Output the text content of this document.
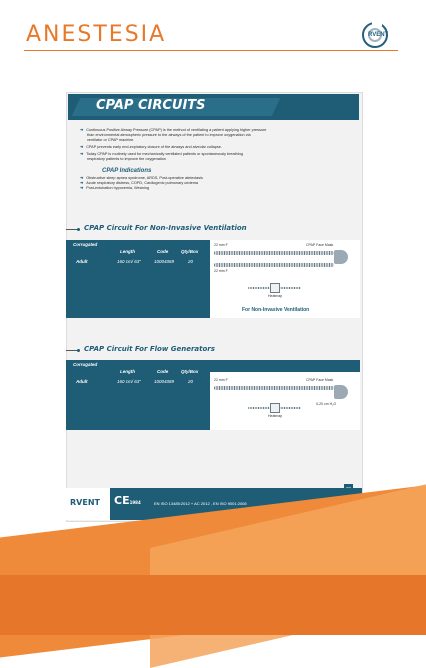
ANESTESIA	RVENT
CPAP CIRCUITS
➜ Continuous Positive Airway Pressure (CPAP) is the method of ventilating a patient applying higher pressure
than environmental atmospheric pressure to the airways of the patient to improve oxygenation via
ventilator or CPAP machine.
➜ CPAP prevents early end-expiratory closure of the airways and alveolar collapse.
➜ Today CPAP is routinely used for mechanically ventilated patients or spontaneously breathing
respiratory patients to improve the oxygenation
CPAP Indications
➜ Obstructive sleep apnea syndrome, ARDS, Post-operative atelectasis
➜ Acute respiratory distress, COPD, Cardiogenic pulmonary oedema
➜ Post-extubation hypoxemia, Weaning
CPAP Circuit For Non-Invasive Ventilation
Corrugated
Length	Code	Qty/Box
Adult	160 cm/ 63"	10004069	20
22 mm F	CPAP Face Mask
22 mm F
Heatmap
For Non-Invasive Ventilation
CPAP Circuit For Flow Generators
Corrugated
Length	Code	Qty/Box
Adult	160 cm/ 63"	10004089	20	22 mm F	CPAP Face Mask
0-20 cm H₂O
Heatmap
RVENT CE1984	EN ISO 13485:2012 + AC 2012 , EN ISO 9001:2008
